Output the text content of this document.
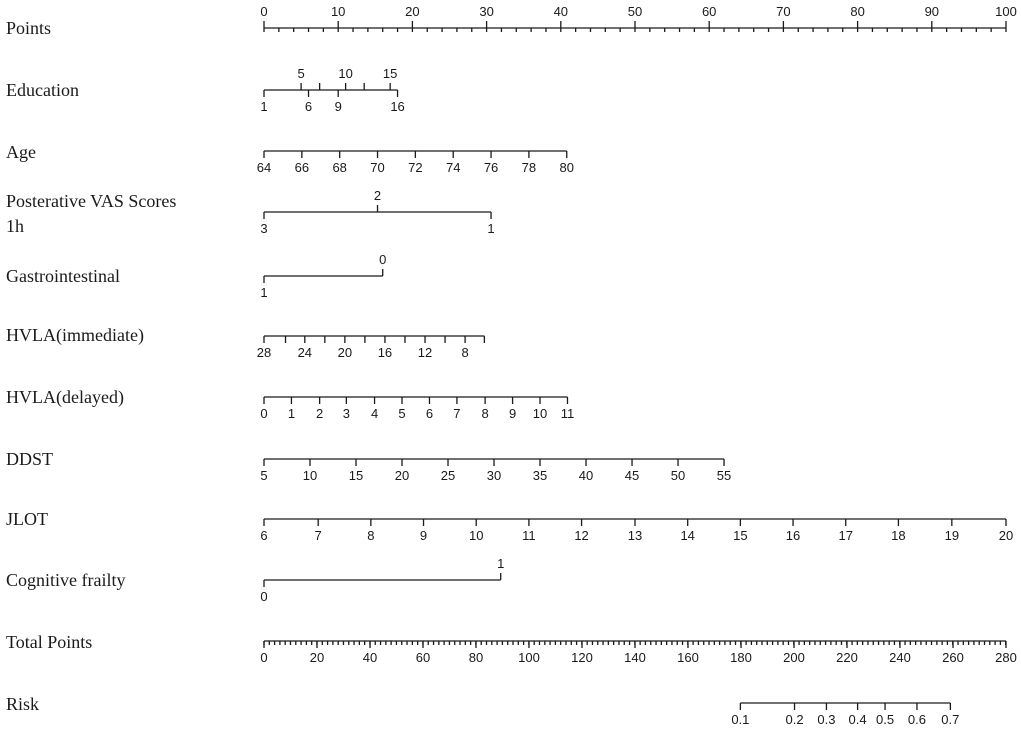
Points
0	10	20	30	40	50	60	70	80	90	100
Education
1
5
6 9
10 15
16
Age
64 66 68 70 72 74 76 78 80
Posterative VAS Scores
1h	3
2
1
Gastrointestinal
1
0
HVLA(immediate)
28 24 20 16 12 8
HVLA(delayed)
0 1 2 3 4 5 6 7 8 9 10 11
DDST
5	10 15 20 25 30 35 40 45 50 55
JLOT
6	7	8	9	10	11	12	13	14	15	16	17	18	19	20
Cognitive frailty
0
1
Total Points
0	20	40	60	80	100 120 140 160 180 200 220 240 260 280
Risk
0.1	0.2 0.3 0.4 0.5 0.6 0.7
